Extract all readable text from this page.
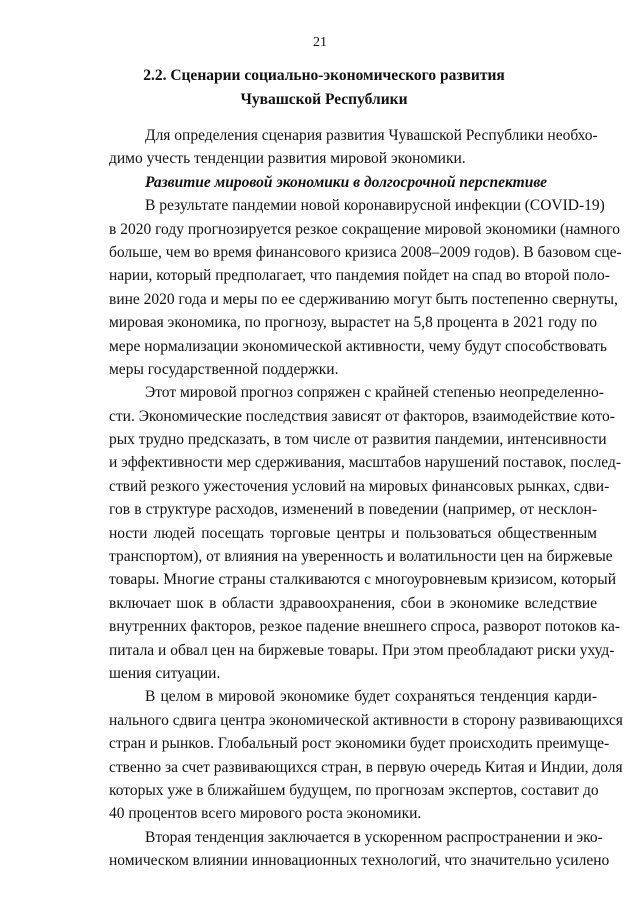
21
2.2. Сценарии социально-экономического развития
Чувашской Республики
Для определения сценария развития Чувашской Республики необхо-
димо учесть тенденции развития мировой экономики.
Развитие мировой экономики в долгосрочной перспективе
В результате пандемии новой коронавирусной инфекции (COVID-19)
в 2020 году прогнозируется резкое сокращение мировой экономики (намного
больше, чем во время финансового кризиса 2008–2009 годов). В базовом сце-
нарии, который предполагает, что пандемия пойдет на спад во второй поло-
вине 2020 года и меры по ее сдерживанию могут быть постепенно свернуты,
мировая экономика, по прогнозу, вырастет на 5,8 процента в 2021 году по
мере нормализации экономической активности, чему будут способствовать
меры государственной поддержки.
Этот мировой прогноз сопряжен с крайней степенью неопределенно-
сти. Экономические последствия зависят от факторов, взаимодействие кото-
рых трудно предсказать, в том числе от развития пандемии, интенсивности
и эффективности мер сдерживания, масштабов нарушений поставок, послед-
ствий резкого ужесточения условий на мировых финансовых рынках, сдви-
гов в структуре расходов, изменений в поведении (например, от несклон-
ности людей посещать торговые центры и пользоваться общественным
транспортом), от влияния на уверенность и волатильности цен на биржевые
товары. Многие страны сталкиваются с многоуровневым кризисом, который
включает шок в области здравоохранения, сбои в экономике вследствие
внутренних факторов, резкое падение внешнего спроса, разворот потоков ка-
питала и обвал цен на биржевые товары. При этом преобладают риски ухуд-
шения ситуации.
В целом в мировой экономике будет сохраняться тенденция карди-
нального сдвига центра экономической активности в сторону развивающихся
стран и рынков. Глобальный рост экономики будет происходить преимуще-
ственно за счет развивающихся стран, в первую очередь Китая и Индии, доля
которых уже в ближайшем будущем, по прогнозам экспертов, составит до
40 процентов всего мирового роста экономики.
Вторая тенденция заключается в ускоренном распространении и эко-
номическом влиянии инновационных технологий, что значительно усилено
